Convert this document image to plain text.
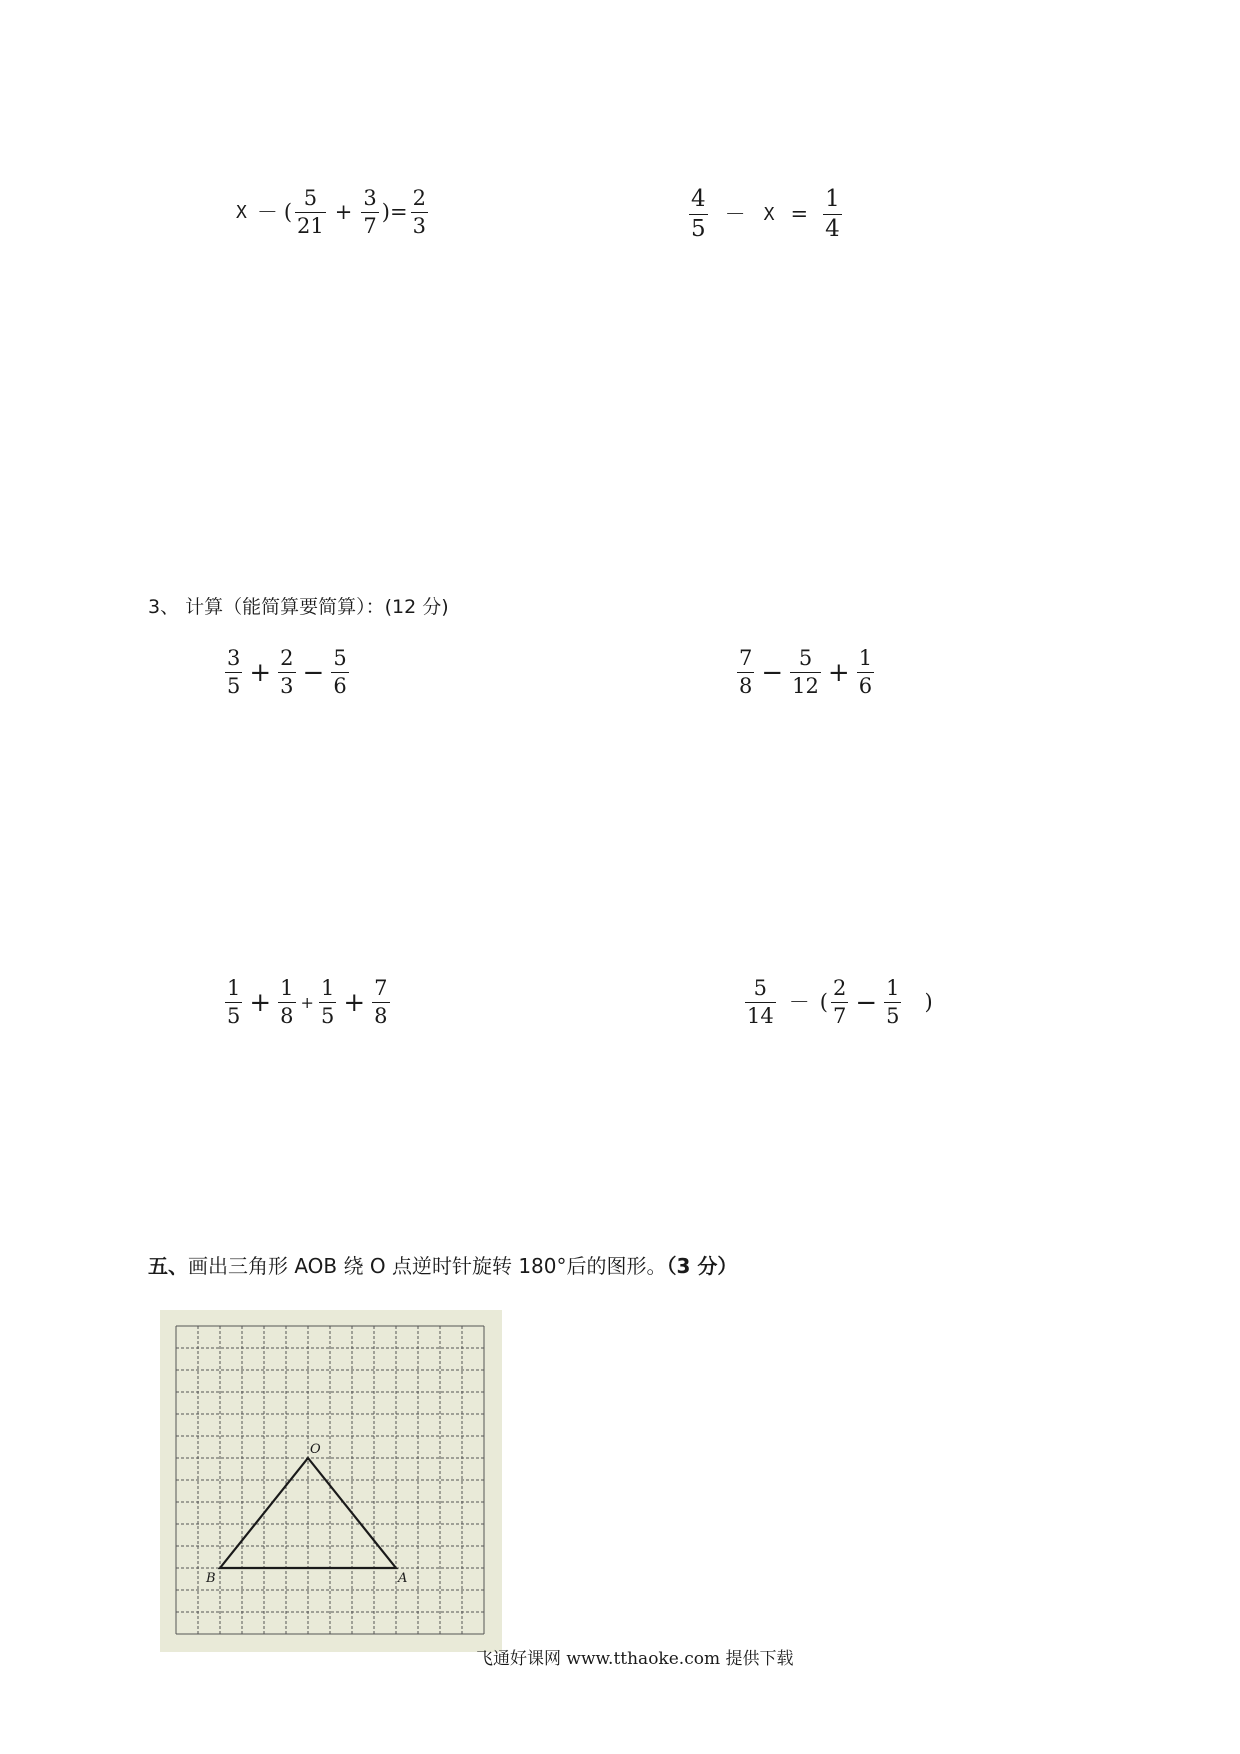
X － ( $\frac{5}{21} + \frac{3}{7}$ ) = $\frac{2}{3}$	$\frac{4}{5} - X = \frac{1}{4}$
3、 计算（能简算要简算）：(12 分)
$\frac{3}{5} + \frac{2}{3} - \frac{5}{6}$	$\frac{7}{8} - \frac{5}{12} + \frac{1}{6}$
$\frac{1}{5} + \frac{1}{8} + \frac{1}{5} + \frac{7}{8}$	$\frac{5}{14}$ － ( $\frac{2}{7} - \frac{1}{5}$ )
五、画出三角形 AOB 绕 O 点逆时针旋转 180°后的图形。（3 分）
O
B	A
飞通好课网 www.tthaoke.com 提供下载
